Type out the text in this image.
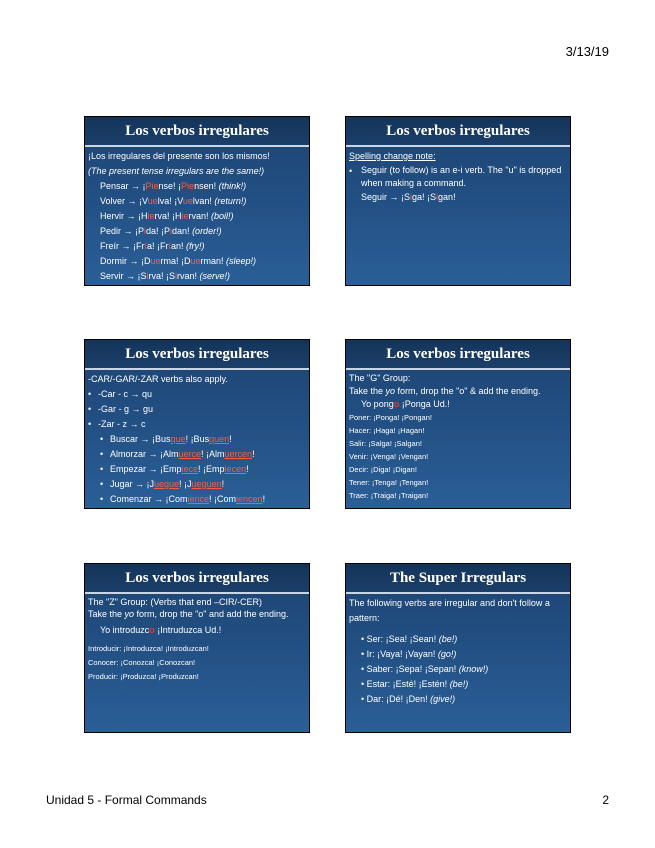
3/13/19
Los verbos irregulares
¡Los irregulares del presente son los mismos!
(The present tense irregulars are the same!)
Pensar → ¡Piense! ¡Piensen! (think!)
Volver → ¡Vuelva! ¡Vuelvan! (return!)
Hervir → ¡Hierva! ¡Hiervan! (boil!)
Pedir → ¡Pida! ¡Pidan! (order!)
Freír → ¡Fría! ¡Frían! (fry!)
Dormir → ¡Duerma! ¡Duerman! (sleep!)
Servir → ¡Sirva! ¡Sirvan! (serve!)
Los verbos irregulares
Spelling change note:
• Seguir (to follow) is an e-i verb. The "u" is dropped when making a command.
Seguir → ¡Siga! ¡Sigan!
Los verbos irregulares
-CAR/-GAR/-ZAR verbs also apply.
• -Car - c → qu
• -Gar - g → gu
• -Zar - z → c
• Buscar → ¡Busque! ¡Busquen!
• Almorzar → ¡Almuerce! ¡Almuercen!
• Empezar → ¡Empiece! ¡Empiecen!
• Jugar → ¡Juegue! ¡Jueguen!
• Comenzar → ¡Comience! ¡Comiencen!
Los verbos irregulares
The "G" Group:
Take the yo form, drop the "o" & add the ending.
Yo pongo ¡Ponga Ud.!
Poner: ¡Ponga! ¡Pongan!
Hacer: ¡Haga! ¡Hagan!
Salir: ¡Salga! ¡Salgan!
Venir: ¡Venga! ¡Vengan!
Decir: ¡Diga! ¡Digan!
Tener: ¡Tenga! ¡Tengan!
Traer: ¡Traiga! ¡Traigan!
Los verbos irregulares
The "Z" Group: (Verbs that end –CIR/-CER)
Take the yo form, drop the "o" and add the ending.
Yo introduzco ¡Intruduzca Ud.!
Introducir: ¡Introduzca! ¡Introduzcan!
Conocer: ¡Conozca! ¡Conozcan!
Producir: ¡Produzca! ¡Produzcan!
The Super Irregulars
The following verbs are irregular and don't follow a pattern:
• Ser: ¡Sea! ¡Sean! (be!)
• Ir: ¡Vaya! ¡Vayan! (go!)
• Saber: ¡Sepa! ¡Sepan! (know!)
• Estar: ¡Esté! ¡Estén! (be!)
• Dar: ¡Dé! ¡Den! (give!)
Unidad 5 - Formal Commands	2
